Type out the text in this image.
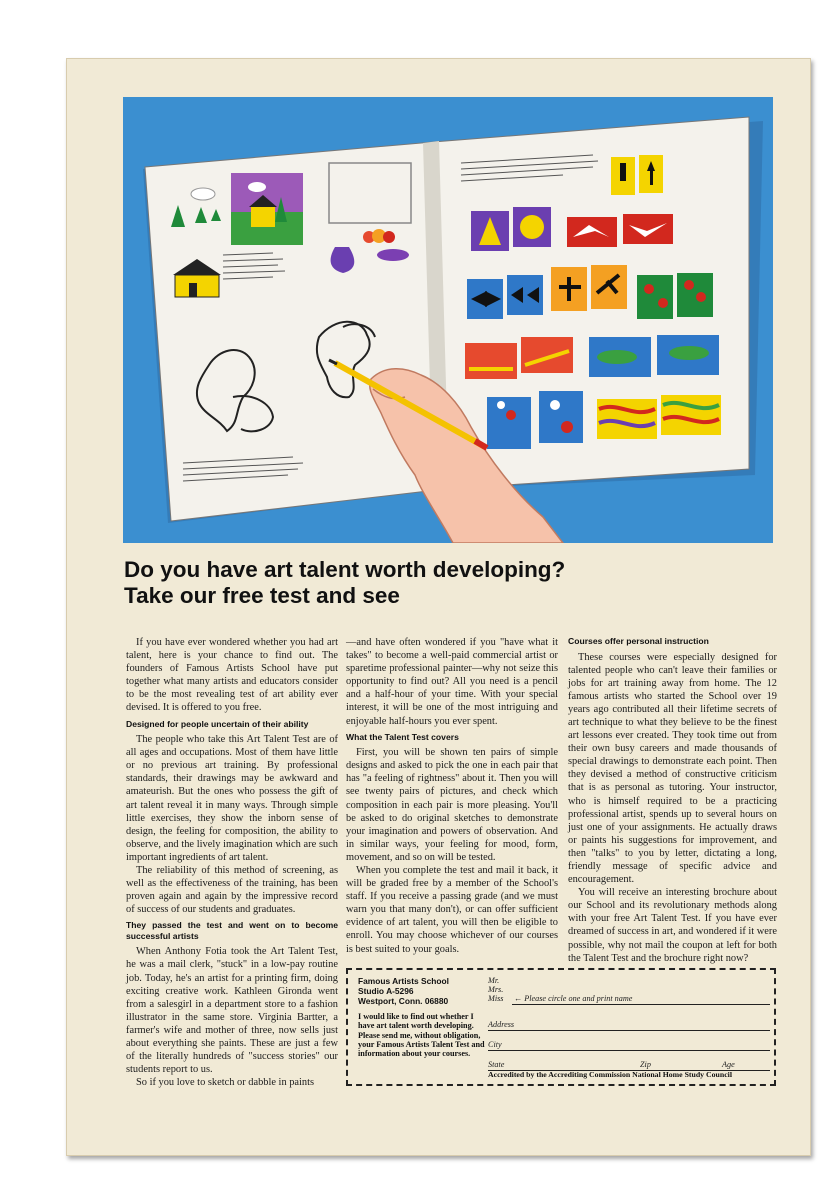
Do you have art talent worth developing?
Take our free test and see

If you have ever wondered whether you had art talent, here is your chance to find out. The founders of Famous Artists School have put together what many artists and educators consider to be the most revealing test of art ability ever devised. It is offered to you free.

Designed for people uncertain of their ability

The people who take this Art Talent Test are of all ages and occupations. Most of them have little or no previous art training. By professional standards, their drawings may be awkward and amateurish. But the ones who possess the gift of art talent reveal it in many ways. Through simple little exercises, they show the inborn sense of design, the feeling for composition, the ability to observe, and the lively imagination which are such important ingredients of art talent.

The reliability of this method of screening, as well as the effectiveness of the training, has been proven again and again by the impressive record of success of our students and graduates.

They passed the test and went on to become successful artists

When Anthony Fotia took the Art Talent Test, he was a mail clerk, "stuck" in a low-pay routine job. Today, he's an artist for a printing firm, doing exciting creative work. Kathleen Gironda went from a salesgirl in a department store to a fashion illustrator in the same store. Virginia Bartter, a farmer's wife and mother of three, now sells just about everything she paints. These are just a few of the literally hundreds of "success stories" our students report to us.

So if you love to sketch or dabble in paints

—and have often wondered if you "have what it takes" to become a well-paid commercial artist or sparetime professional painter—why not seize this opportunity to find out? All you need is a pencil and a half-hour of your time. With your special interest, it will be one of the most intriguing and enjoyable half-hours you ever spent.

What the Talent Test covers

First, you will be shown ten pairs of simple designs and asked to pick the one in each pair that has "a feeling of rightness" about it. Then you will see twenty pairs of pictures, and check which composition in each pair is more pleasing. You'll be asked to do original sketches to demonstrate your imagination and powers of observation. And in similar ways, your feeling for mood, form, movement, and so on will be tested.

When you complete the test and mail it back, it will be graded free by a member of the School's staff. If you receive a passing grade (and we must warn you that many don't), or can offer sufficient evidence of art talent, you will then be eligible to enroll. You may choose whichever of our courses is best suited to your goals.

Courses offer personal instruction

These courses were especially designed for talented people who can't leave their families or jobs for art training away from home. The 12 famous artists who started the School over 19 years ago contributed all their lifetime secrets of art technique to what they believe to be the finest art lessons ever created. They took time out from their own busy careers and made thousands of special drawings to demonstrate each point. Then they devised a method of constructive criticism that is as personal as tutoring. Your instructor, who is himself required to be a practicing professional artist, spends up to several hours on just one of your assignments. He actually draws or paints his suggestions for improvement, and then "talks" to you by letter, dictating a long, friendly message of specific advice and encouragement.

You will receive an interesting brochure about our School and its revolutionary methods along with your free Art Talent Test. If you have ever dreamed of success in art, and wondered if it were possible, why not mail the coupon at left for both the Talent Test and the brochure right now?

Famous Artists School
Studio A-5296
Westport, Conn. 06880
I would like to find out whether I have art talent worth developing. Please send me, without obligation, your Famous Artists Talent Test and information about your courses.
Mr.
Mrs.
Miss ← Please circle one and print name
Address
City
State	Zip	Age
Accredited by the Accrediting Commission National Home Study Council
